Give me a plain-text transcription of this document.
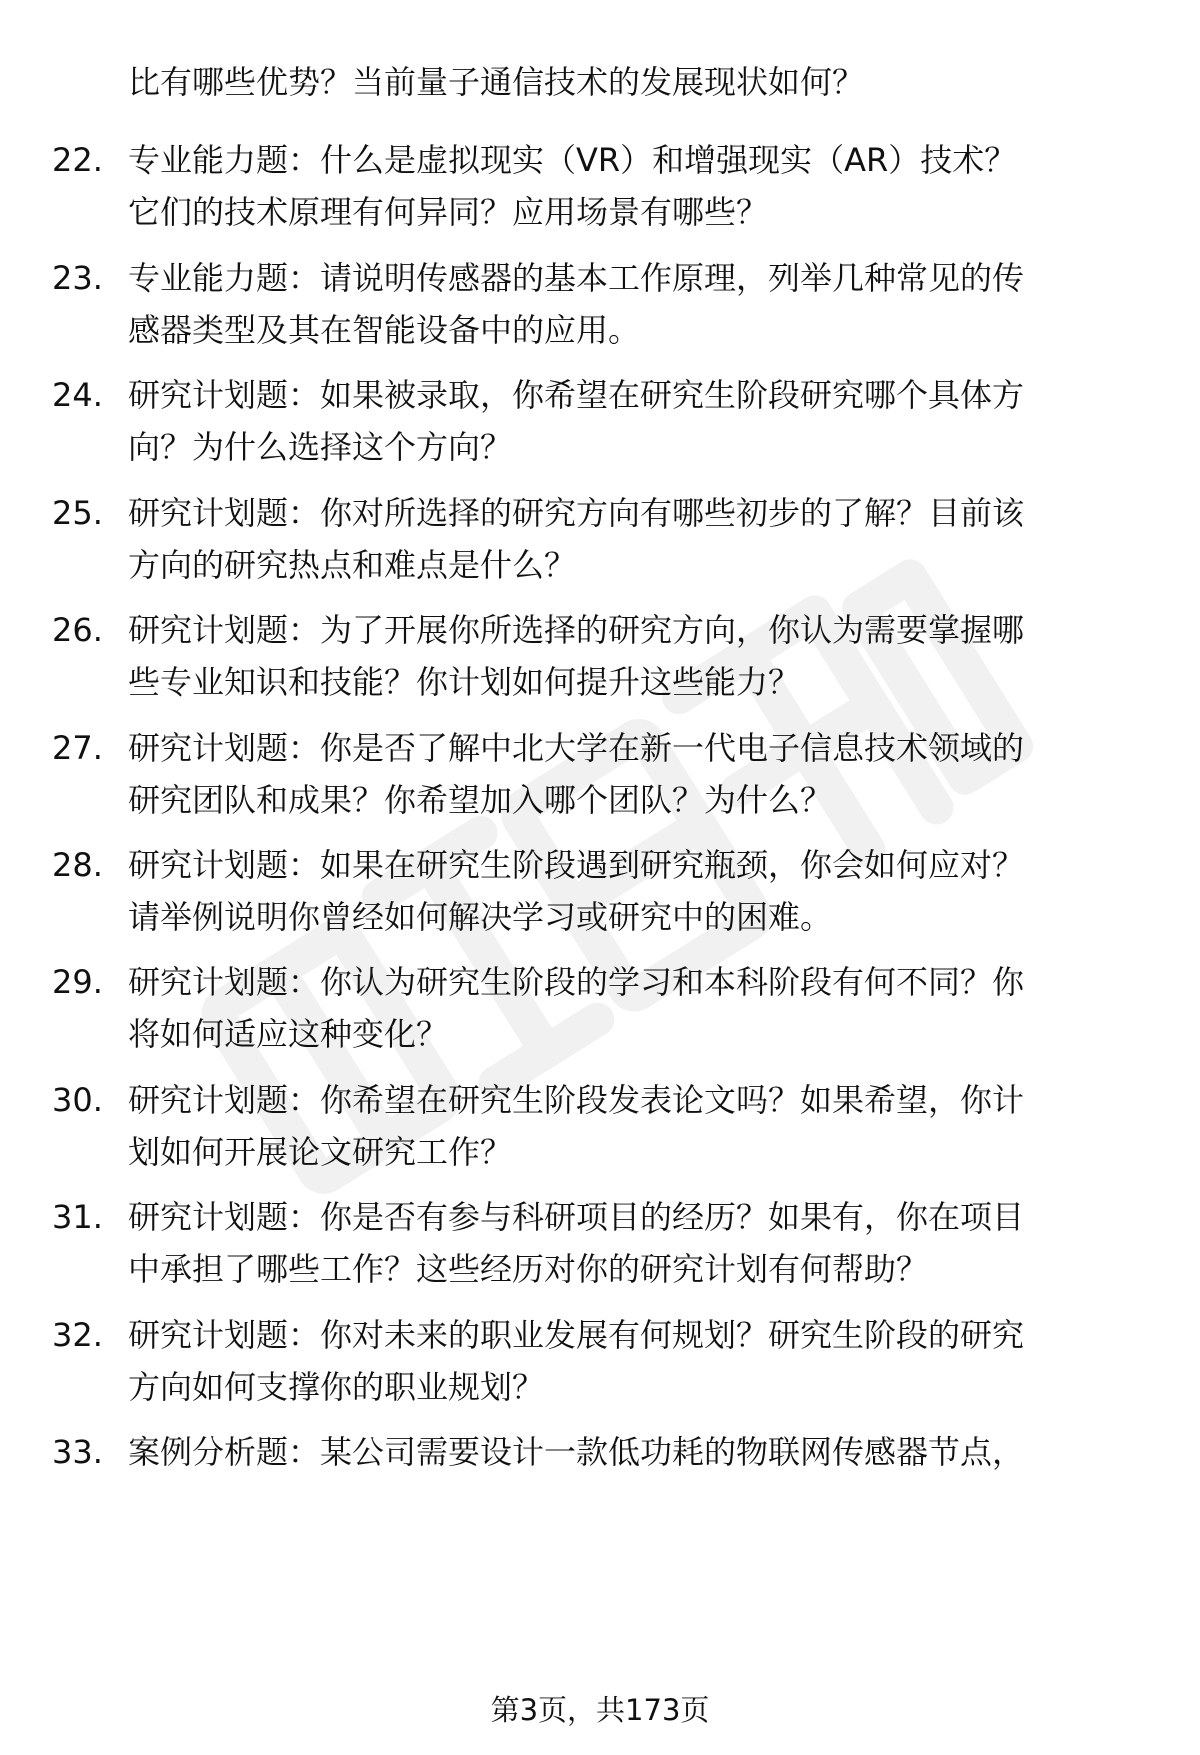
比有哪些优势？当前量子通信技术的发展现状如何？
22. 专业能力题：什么是虚拟现实（VR）和增强现实（AR）技术？
它们的技术原理有何异同？应用场景有哪些？
23. 专业能力题：请说明传感器的基本工作原理，列举几种常见的传
感器类型及其在智能设备中的应用。
24. 研究计划题：如果被录取，你希望在研究生阶段研究哪个具体方
向？为什么选择这个方向？
25. 研究计划题：你对所选择的研究方向有哪些初步的了解？目前该
方向的研究热点和难点是什么？
26. 研究计划题：为了开展你所选择的研究方向，你认为需要掌握哪
些专业知识和技能？你计划如何提升这些能力？
27. 研究计划题：你是否了解中北大学在新一代电子信息技术领域的
研究团队和成果？你希望加入哪个团队？为什么？
28. 研究计划题：如果在研究生阶段遇到研究瓶颈，你会如何应对？
请举例说明你曾经如何解决学习或研究中的困难。
29. 研究计划题：你认为研究生阶段的学习和本科阶段有何不同？你
将如何适应这种变化？
30. 研究计划题：你希望在研究生阶段发表论文吗？如果希望，你计
划如何开展论文研究工作？
31. 研究计划题：你是否有参与科研项目的经历？如果有，你在项目
中承担了哪些工作？这些经历对你的研究计划有何帮助？
32. 研究计划题：你对未来的职业发展有何规划？研究生阶段的研究
方向如何支撑你的职业规划？
33. 案例分析题：某公司需要设计一款低功耗的物联网传感器节点，
第3页，共173页
